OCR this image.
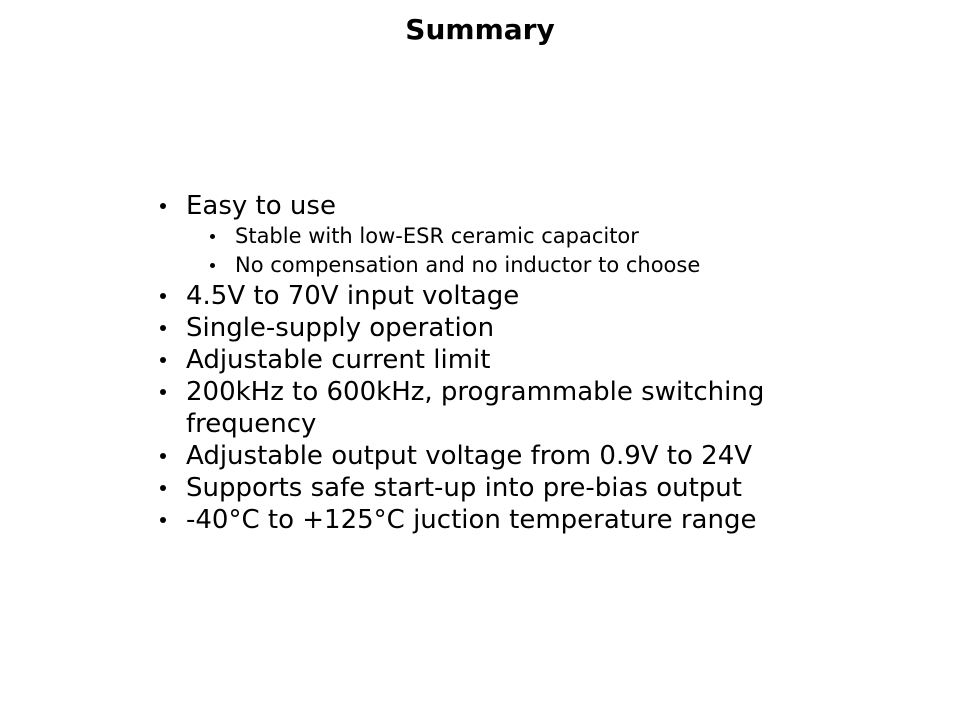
Summary
Easy to use
Stable with low-ESR ceramic capacitor
No compensation and no inductor to choose
4.5V to 70V input voltage
Single-supply operation
Adjustable current limit
200kHz to 600kHz, programmable switching frequency
Adjustable output voltage from 0.9V to 24V
Supports safe start-up into pre-bias output
-40°C to +125°C juction temperature range
